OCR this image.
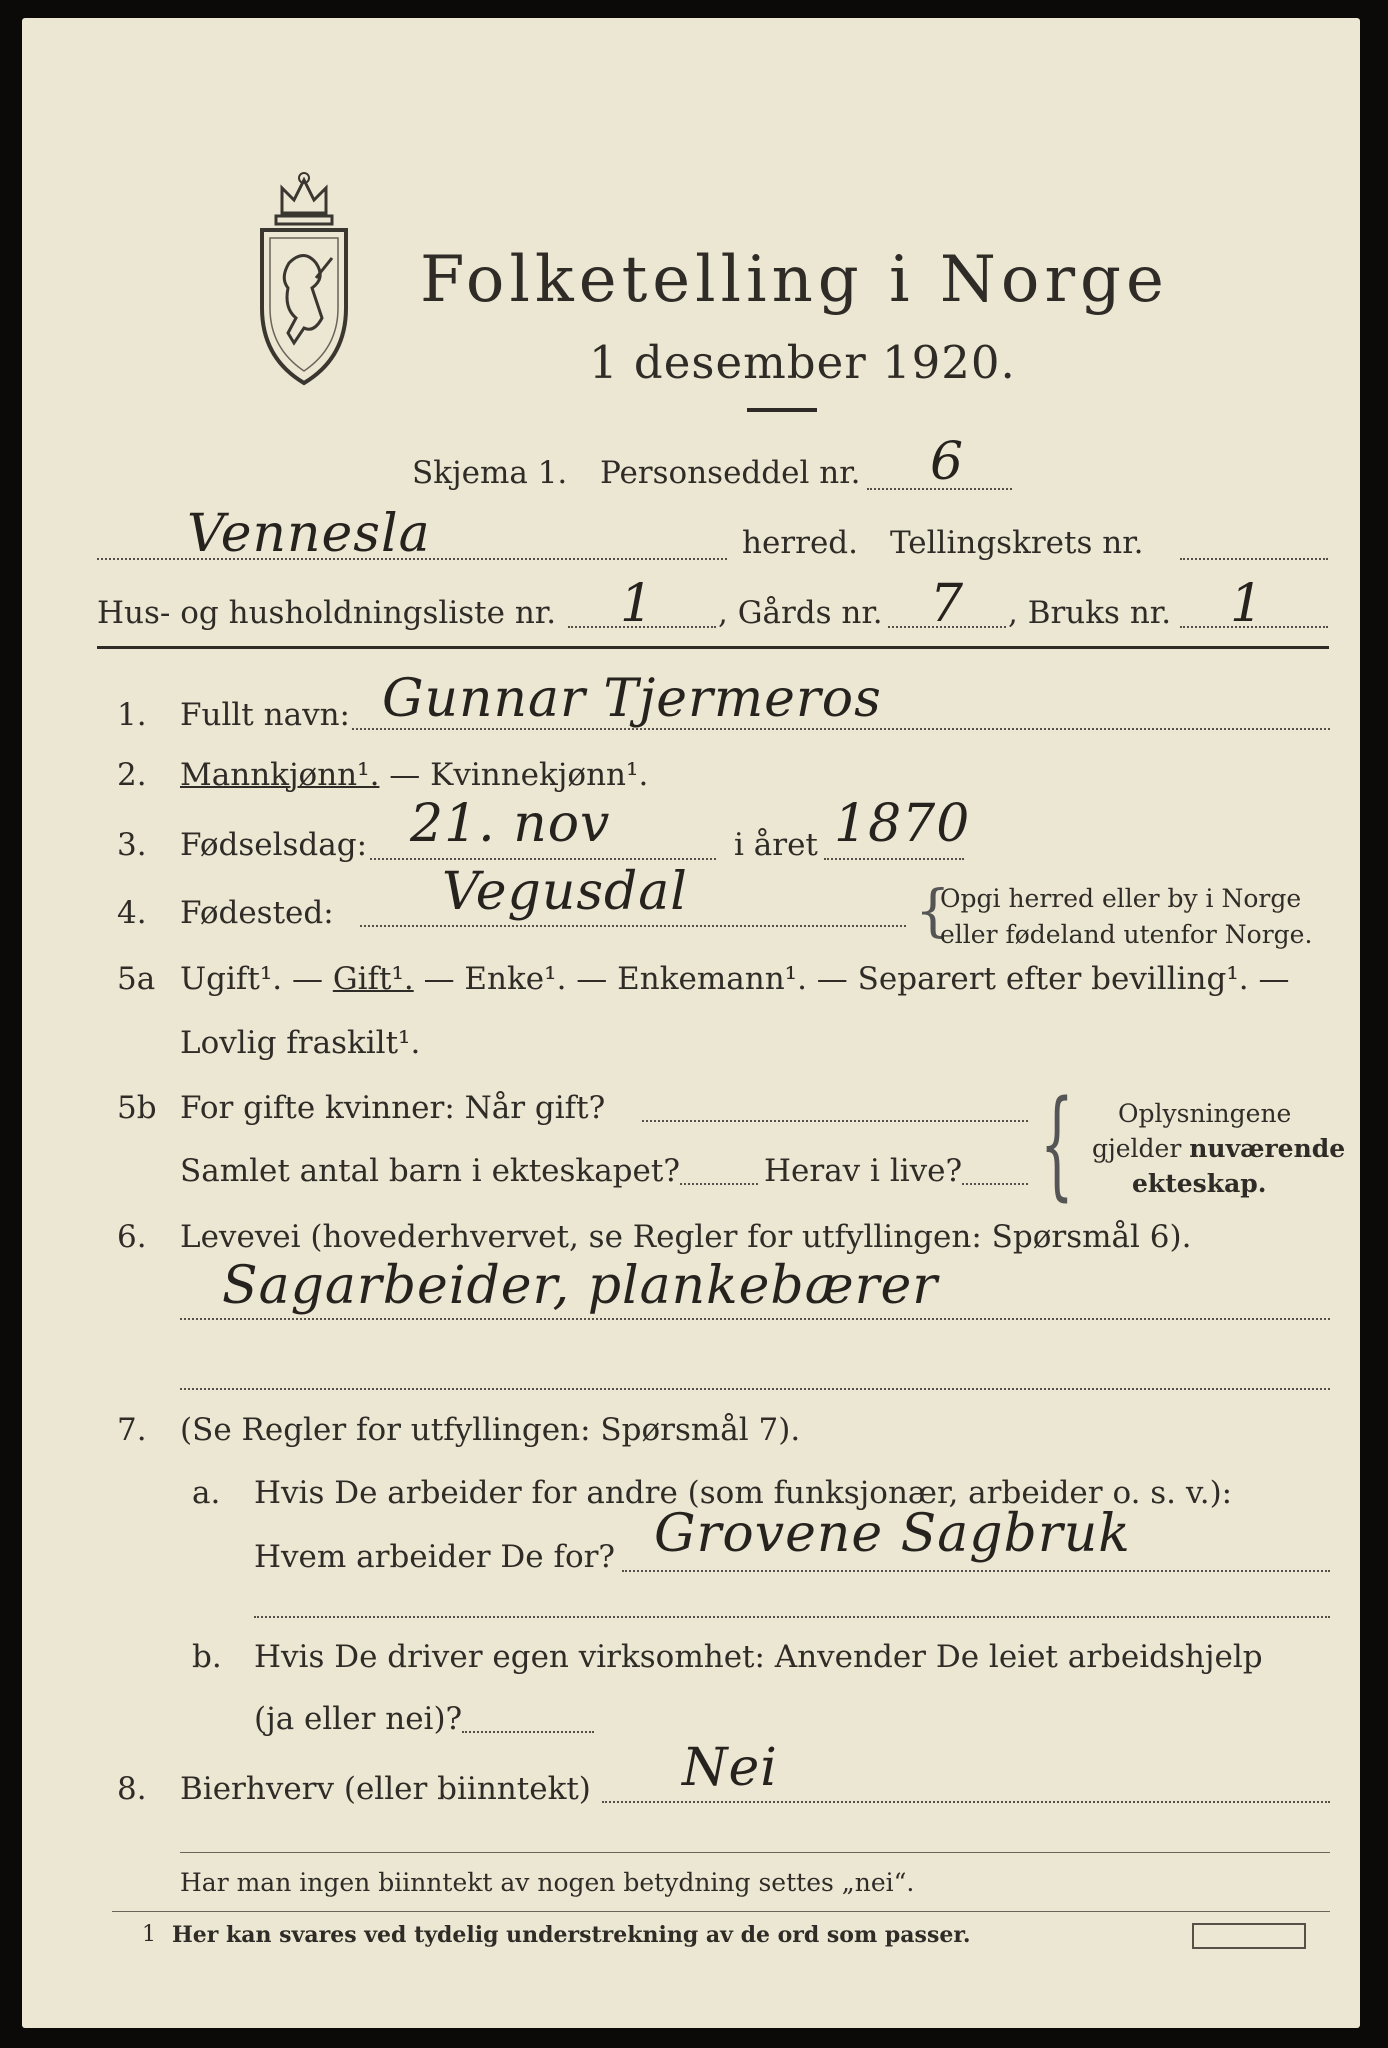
Folketelling i Norge
1 desember 1920.
Skjema 1. Personseddel nr. 6
Vennesla	herred. Tellingskrets nr.
Hus- og husholdningsliste nr. 1 , Gårds nr. 7 , Bruks nr. 1
1. Fullt navn: Gunnar Tjermeros
2. Mannkjønn¹. — Kvinnekjønn¹.
3. Fødselsdag: 21. nov	i året 1870
4. Fødested: Vegusdal	{
Opgi herred eller by i Norge
eller fødeland utenfor Norge.
5a Ugift¹. — Gift¹. — Enke¹. — Enkemann¹. — Separert efter bevilling¹. —
Lovlig fraskilt¹.
5b For gifte kvinner: Når gift?
Samlet antal barn i ekteskapet?	Herav i live? { Oplysningene
gjelder nuværende
ekteskap.
6. Levevei (hovederhvervet, se Regler for utfyllingen: Spørsmål 6).
Sagarbeider, plankebærer
7. (Se Regler for utfyllingen: Spørsmål 7).
a. Hvis De arbeider for andre (som funksjonær, arbeider o. s. v.):
Hvem arbeider De for? Grovene Sagbruk
b. Hvis De driver egen virksomhet: Anvender De leiet arbeidshjelp
(ja eller nei)?
8. Bierhverv (eller biinntekt) Nei
Har man ingen biinntekt av nogen betydning settes „nei“.
1 Her kan svares ved tydelig understrekning av de ord som passer.
